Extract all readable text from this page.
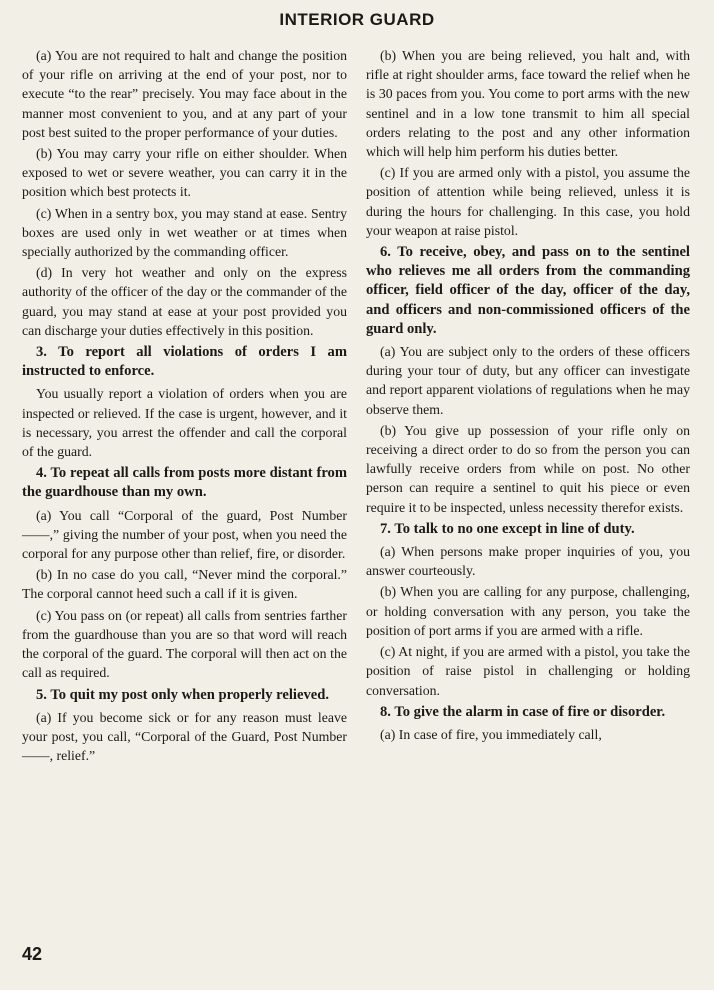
INTERIOR GUARD

(a) You are not required to halt and change the position of your rifle on arriving at the end of your post, nor to execute “to the rear” precisely. You may face about in the manner most convenient to you, and at any part of your post best suited to the proper performance of your duties.

(b) You may carry your rifle on either shoulder. When exposed to wet or severe weather, you can carry it in the position which best protects it.

(c) When in a sentry box, you may stand at ease. Sentry boxes are used only in wet weather or at times when specially authorized by the commanding officer.

(d) In very hot weather and only on the express authority of the officer of the day or the commander of the guard, you may stand at ease at your post provided you can discharge your duties effectively in this position.

3. To report all violations of orders I am instructed to enforce.

You usually report a violation of orders when you are inspected or relieved. If the case is urgent, however, and it is necessary, you arrest the offender and call the corporal of the guard.

4. To repeat all calls from posts more distant from the guardhouse than my own.

(a) You call “Corporal of the guard, Post Number ——,” giving the number of your post, when you need the corporal for any purpose other than relief, fire, or disorder.

(b) In no case do you call, “Never mind the corporal.” The corporal cannot heed such a call if it is given.

(c) You pass on (or repeat) all calls from sentries farther from the guardhouse than you are so that word will reach the corporal of the guard. The corporal will then act on the call as required.

5. To quit my post only when properly relieved.

(a) If you become sick or for any reason must leave your post, you call, “Corporal of the Guard, Post Number ——, relief.”

(b) When you are being relieved, you halt and, with rifle at right shoulder arms, face toward the relief when he is 30 paces from you. You come to port arms with the new sentinel and in a low tone transmit to him all special orders relating to the post and any other information which will help him perform his duties better.

(c) If you are armed only with a pistol, you assume the position of attention while being relieved, unless it is during the hours for challenging. In this case, you hold your weapon at raise pistol.

6. To receive, obey, and pass on to the sentinel who relieves me all orders from the commanding officer, field officer of the day, officer of the day, and officers and non-commissioned officers of the guard only.

(a) You are subject only to the orders of these officers during your tour of duty, but any officer can investigate and report apparent violations of regulations when he may observe them.

(b) You give up possession of your rifle only on receiving a direct order to do so from the person you can lawfully receive orders from while on post. No other person can require a sentinel to quit his piece or even require it to be inspected, unless necessity therefor exists.

7. To talk to no one except in line of duty.

(a) When persons make proper inquiries of you, you answer courteously.

(b) When you are calling for any purpose, challenging, or holding conversation with any person, you take the position of port arms if you are armed with a rifle.

(c) At night, if you are armed with a pistol, you take the position of raise pistol in challenging or holding conversation.

8. To give the alarm in case of fire or disorder.

(a) In case of fire, you immediately call,

42
